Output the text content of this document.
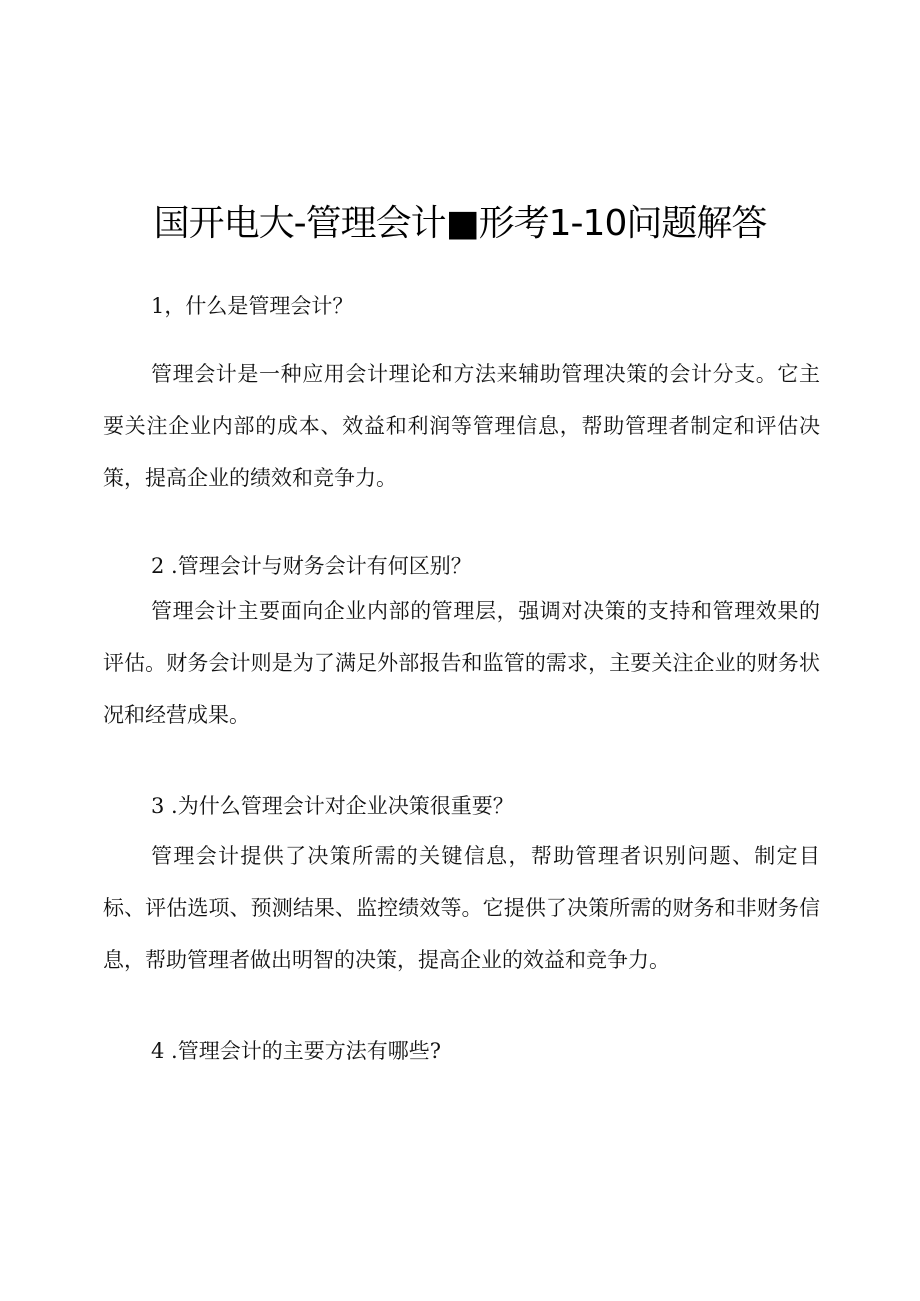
国开电大-管理会计■形考1-10问题解答
1，什么是管理会计？

管理会计是一种应用会计理论和方法来辅助管理决策的会计分支。它主要关注企业内部的成本、效益和利润等管理信息，帮助管理者制定和评估决策，提高企业的绩效和竞争力。

2 .管理会计与财务会计有何区别？

管理会计主要面向企业内部的管理层，强调对决策的支持和管理效果的评估。财务会计则是为了满足外部报告和监管的需求，主要关注企业的财务状况和经营成果。

3 .为什么管理会计对企业决策很重要？

管理会计提供了决策所需的关键信息，帮助管理者识别问题、制定目标、评估选项、预测结果、监控绩效等。它提供了决策所需的财务和非财务信息，帮助管理者做出明智的决策，提高企业的效益和竞争力。

4 .管理会计的主要方法有哪些?
